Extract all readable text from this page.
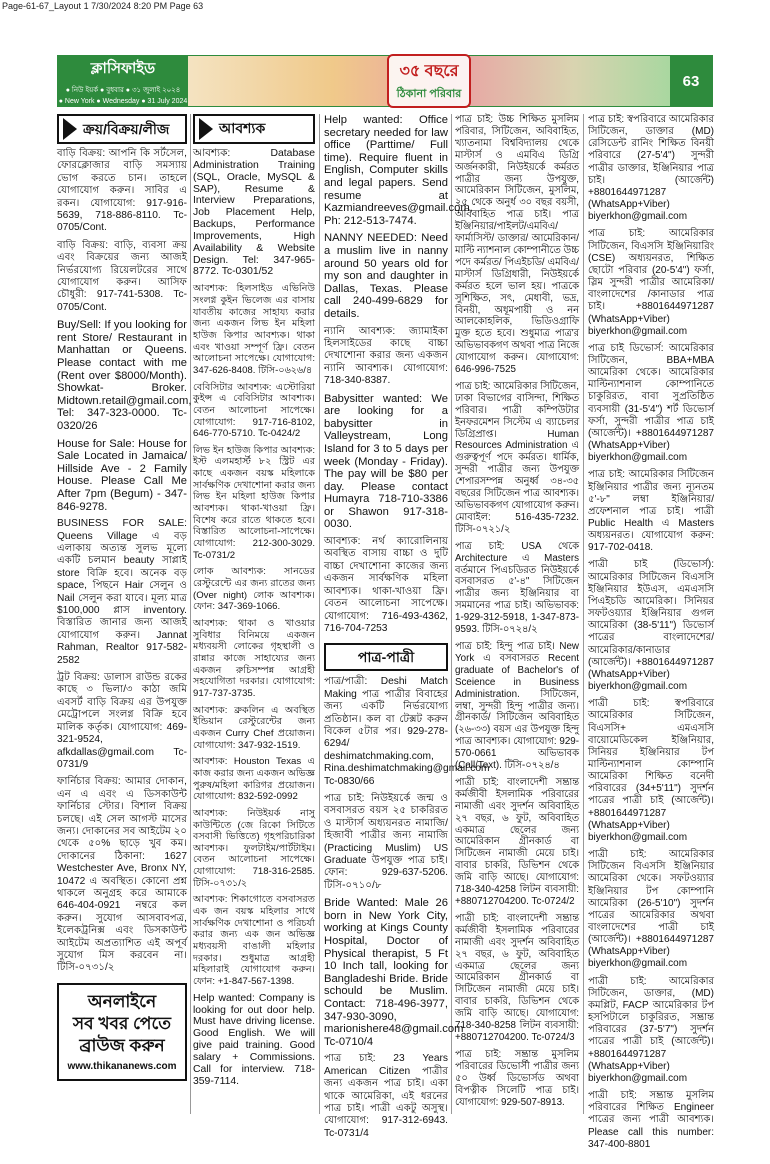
Page-61-67_Layout 1 7/30/2024 8:20 PM Page 63
ক্লাসিফাইড
● নিউ ইয়র্ক ● বুধবার ● ৩১ জুলাই ২০২৪
● New York ● Wednesday ● 31 July 2024
৩৫ বছরে
ঠিকানা পরিবার
63
ক্রয়/বিক্রয়/লীজ
বাড়ি বিক্রয়: আপনি কি সর্টসেল, ফোরক্লোজার বাড়ি সমস্যায় ভোগ করতে চান। তাহলে যোগাযোগ করুন। সাবির এ রকন। যোগাযোগ: 917-916-5639, 718-886-8110. Tc-0705/Cont.
বাড়ি বিক্রয়: বাড়ি, ব্যবসা ক্রয় এবং বিক্রয়ের জন্য আজই নির্ভরযোগ্য রিয়েলটরের সাথে যোগাযোগ করুন। আসিফ চৌধুরী: 917-741-5308. Tc-0705/Cont.
Buy/Sell: If you looking for rent Store/ Restaurant in Manhattan or Queens. Please contact with me (Rent over $8000/Month). Showkat- Broker. Midtown.retail@gmail.com, Tel: 347-323-0000. Tc-0320/26
House for Sale: House for Sale Located in Jamaica/ Hillside Ave - 2 Family House. Please Call Me After 7pm (Begum) - 347-846-9278.
BUSINESS FOR SALE: Queens Village এ বড় এলাকায় অত্যন্ত সুলভ মূল্যে একটি চলমান beauty সাপ্লাই store বিক্রি হবে। অনেক বড় space, পিছনে Hair সেলুন ও Nail সেলুন করা যাবে। মূল্য মাত্র $100,000 প্লাস inventory. বিস্তারিত জানার জন্য আজই যোগাযোগ করুন। Jannat Rahman, Realtor 917-582-2582
ট্রট বিক্রয়: ডালাস রাউন্ড রকের কাছে ৩ ভিলা/৩ কাঠা জমি এবসর্ট বাড়ি বিক্রয় এর উপযুক্ত মেট্রোপলে সংলগ্ন বিক্রি হবে মালিক কর্তৃক। যোগাযোগ: 469-321-9524, afkdallas@gmail.com Tc-0731/9
ফার্নিচার বিক্রয়: আমার দোকান, এন এ এবং এ ডিসকাউন্ট ফার্নিচার স্টোর। বিশাল বিক্রয় চলছে। এই সেল আগস্ট মাসের জন্য। দোকানের সব আইটেম ২০ থেকে ৫০% ছাড়ে খুব কম। দোকানের ঠিকানা: 1627 Westchester Ave, Bronx NY, 10472 এ অবস্থিত। কোনো প্রশ্ন থাকলে অনুগ্রহ করে আমাকে 646-404-0921 নম্বরে কল করুন। সুযোগ আসবাবপত্র, ইলেকট্রনিক্স এবং ডিসকাউন্ট আইটেম অপ্রত্যাশিত এই অপূর্ব সুযোগ মিস করবেন না। টিসি-০৭৩১/২
অনলাইনে
সব খবর পেতে
ব্রাউজ করুন
www.thikananews.com
আবশ্যক
আবশ্যক: Database Administration Training (SQL, Oracle, MySQL & SAP), Resume & Interview Preparations, Job Placement Help, Backups, Performance Improvements, High Availability & Website Design. Tel: 347-965-8772. Tc-0301/52
আবশ্যক: হিলসাইড এভিনিউ সংলগ্ন কুইন ভিলেজ এর বাসায় যাবতীয় কাজের সাহায্য করার জন্য একজন লিভ ইন মহিলা হাউজ কিপার আবশ্যক। থাকা এবং খাওয়া সম্পূর্ণ ফ্রি। বেতন আলোচনা সাপেক্ষে। যোগাযোগ: 347-626-8408. টিসি-০৬২৬/৪
বেবিসিটার আবশ্যক: এস্টোরিয়া কুইন্স এ বেবিসিটার আবশ্যক। বেতন আলোচনা সাপেক্ষে। যোগাযোগ: 917-716-8102, 646-770-5710. Tc-0424/2
লিভ ইন হাউজ কিপার আবশ্যক: ইস্ট এলমহার্স্ট ৮২ স্ট্রিট এর কাছে একজন বয়স্ক মহিলাকে সার্বক্ষণিক দেখাশোনা করার জন্য লিভ ইন মহিলা হাউজ কিপার আবশ্যক। থাকা-খাওয়া ফ্রি। বিশেষ করে রাতে থাকতে হবে। বিস্তারিত আলোচনা-সাপেক্ষে। যোগাযোগ: 212-300-3029. Tc-0731/2
লোক আবশ্যক: সানডের রেস্টুরেন্টে এর জন্য রাতের জন্য (Over night) লোক আবশ্যক। ফোন: 347-369-1066.
আবশ্যক: থাকা ও খাওয়ার সুবিধার বিনিময়ে একজন মধ্যবয়সী লোকের গৃহস্থালী ও রান্নার কাজে সাহায্যের জন্য একজন রুচিসম্পন্ন আগ্রহী সহযোগিতা দরকার। যোগাযোগ: 917-737-3735.
আবশ্যক: ব্রুকলিন এ অবস্থিত ইন্ডিয়ান রেস্টুরেন্টের জন্য একজন Curry Chef প্রয়োজন। যোগাযোগ: 347-932-1519.
আবশ্যক: Houston Texas এ কাজ করার জন্য একজন অভিজ্ঞ পুরুষ/মহিলা কারিগর প্রয়োজন। যোগাযোগ: 832-592-0992
আবশ্যক: নিউইয়র্ক নাসু কাউন্টিতে (জে রিকো সিটিতে বসবাসী ভিত্তিতে) গৃহপরিচারিকা আবশ্যক। ফুলটাইম/পার্টটাইম। বেতন আলোচনা সাপেক্ষে। যোগাযোগ: 718-316-2585. টিসি-০৭৩১/২
আবশ্যক: শিকাগোতে বসবাসরত এক জন বয়স্ক মহিলার সাথে সার্বক্ষণিক দেখাশোনা ও পরিচর্যা করার জন্য এক জন অভিজ্ঞ মধ্যবয়সী বাঙালী মহিলার দরকার। শুধুমাত্র আগ্রহী মহিলারাই যোগাযোগ করুন। ফোন: +1-847-567-1398.
Help wanted: Company is looking for out door help. Must have driving license. Good English. We will give paid training. Good salary + Commissions. Call for interview. 718-359-7114.
Help wanted: Office secretary needed for law office (Parttime/ Full time). Require fluent in English, Computer skills and legal papers. Send resume at Kazmiandreeves@gmail.com, Ph: 212-513-7474.
NANNY NEEDED: Need a muslim live in nanny around 50 years old for my son and daughter in Dallas, Texas. Please call 240-499-6829 for details.
ন্যানি আবশ্যক: জ্যামাইকা হিলসাইডের কাছে বাচ্চা দেখাশোনা করার জন্য একজন ন্যানি আবশ্যক। যোগাযোগ: 718-340-8387.
Babysitter wanted: We are looking for a babysitter in Valleystream, Long Island for 3 to 5 days per week (Monday - Friday). The pay will be $80 per day. Please contact Humayra 718-710-3386 or Shawon 917-318-0030.
আবশ্যক: নর্থ ক্যারোলিনায় অবস্থিত বাসায় বাচ্চা ও দুটি বাচ্চা দেখাশোনা কাজের জন্য একজন সার্বক্ষণিক মহিলা আবশ্যক। থাকা-খাওয়া ফ্রি। বেতন আলোচনা সাপেক্ষে। যোগাযোগ: 716-493-4362, 716-704-7253
পাত্র-পাত্রী
পাত্র/পাত্রী: Deshi Match Making পাত্র পাত্রীর বিবাহের জন্য একটি নির্ভরযোগ্য প্রতিষ্ঠান। কল বা টেক্সট করুন বিকেল ৫টার পর। 929-278-6294/ deshimatchmaking.com, Rina.deshimatchmaking@gmail.com Tc-0830/66
পাত্র চাই: নিউইয়র্কে জন্ম ও বসবাসরত বয়স ২৫ চাকরিরত ও মাস্টার্স অধ্যয়নরত নামাজি/ হিজাবী পাত্রীর জন্য নামাজি (Practicing Muslim) US Graduate উপযুক্ত পাত্র চাই। ফোন: 929-637-5206. টিসি-০৭১০/৮
Bride Wanted: Male 26 born in New York City, working at Kings County Hospital, Doctor of Physical therapist, 5 Ft 10 Inch tall, looking for Bangladeshi Bride. Bride schould be Muslim. Contact: 718-496-3977, 347-930-3090, marionishere48@gmail.com Tc-0710/4
পাত্র চাই: 23 Years American Citizen পাত্রীর জন্য একজন পাত্র চাই। একা থাকে আমেরিকা, এই ধরনের পাত্র চাই। পাত্রী একটু অসুস্থ। যোগাযোগ: 917-312-6943. Tc-0731/4
পাত্র চাই: উচ্চ শিক্ষিত মুসলিম পরিবার, সিটিজেন, অবিবাহিত, খ্যাতনামা বিশ্ববিদ্যালয় থেকে মাস্টার্স ও এমবিএ ডিগ্রি অর্জনকারী, নিউইয়র্কে কর্মরত পাত্রীর জন্য উপযুক্ত, আমেরিকান সিটিজেন, মুসলিম, ২৫ থেকে অনুর্ধ ৩০ বছর বয়সী, অবিবাহিত পাত্র চাই। পাত্র ইঞ্জিনিয়ার/পাইলট/এমবিএ/ ফার্মাসিস্ট/ ডাক্তার/ আমেরিকান/ মাল্টি ন্যাশনাল কোম্পানীতে উচ্চ পদে কর্মরত/ পিএইচডি/ এমবিএ/ মাস্টার্স ডিগ্রিধারী, নিউইয়র্কে কর্মরত হলে ভাল হয়। পাত্রকে সুশিক্ষিত, সৎ, মেধাবী, ভদ্র, বিনয়ী, অধূমপায়ী ও নন আলকোহলিক, ভিডিওগ্রাফি মুক্ত হতে হবে। শুধুমাত্র পাত্র'র অভিভাবকগণ অথবা পাত্র নিজে যোগাযোগ করুন। যোগাযোগ: 646-996-7525
পাত্র চাই: আমেরিকার সিটিজেন, ঢাকা বিভাগের বাসিন্দা, শিক্ষিত পরিবার। পাত্রী কম্পিউটার ইনফরমেশন সিস্টেম এ ব্যাচেলর ডিগ্রিপ্রাপ্ত। Human Resources Administration এ গুরুত্বপূর্ণ পদে কর্মরত। ধার্মিক, সুন্দরী পাত্রীর জন্য উপযুক্ত শেপারসম্পন্ন অনুর্ধ্ব ৩৪-৩৫ বছরের সিটিজেন পাত্র আবশ্যক। অভিভাবকগণ যোগাযোগ করুন। মোবাইল: 516-435-7232. টিসি-০৭২১/২
পাত্র চাই: USA থেকে Architecture এ Masters বর্তমানে পিএচডিরত নিউইয়র্কে বসবাসরত ৫'-৪" সিটিজেন পাত্রীর জন্য ইঞ্জিনিয়ার বা সমমানের পাত্র চাই। অভিভাবক: 1-929-312-5918, 1-347-873-9593. টিসি-০৭২৪/২
পাত্র চাই: হিন্দু পাত্র চাই। New York এ বসবাসরত Recent graduate of Bachelor's of Sceience in Business Administration. সিটিজেন, লম্বা, সুন্দরী হিন্দু পাত্রীর জন্য। গ্রীনকার্ড/ সিটিজেন অবিবাহিত (২৬-৩৩) বয়স এর উপযুক্ত হিন্দু পাত্র আবশ্যক। যোগাযোগ: 929-570-0661 অভিভাবক (Call/Text). টিসি-০৭২৪/৪
পাত্রী চাই: বাংলাদেশী সম্ভ্রান্ত কর্মজীবী ইসলামিক পরিবারের নামাজী এবং সুদর্শন অবিবাহিত ২৭ বছর, ৬ ফুট, অবিবাহিত একমাত্র ছেলের জন্য আমেরিকান গ্রীনকার্ড বা সিটিজেন নামাজী মেয়ে চাই। বাবার চাকরি, ডিভিশন থেকে জমি বাড়ি আছে। যোগাযোগ: 718-340-4258 লিটন ব্যবসায়ী: +880712704200. Tc-0724/2
পাত্রী চাই: বাংলাদেশী সম্ভ্রান্ত কর্মজীবী ইসলামিক পরিবারের নামাজী এবং সুদর্শন অবিবাহিত ২৭ বছর, ৬ ফুট, অবিবাহিত একমাত্র ছেলের জন্য আমেরিকান গ্রীনকার্ড বা সিটিজেন নামাজী মেয়ে চাই। বাবার চাকরি, ডিভিশন থেকে জমি বাড়ি আছে। যোগাযোগ: 718-340-8258 লিটন ব্যবসায়ী: +880712704200. Tc-0724/3
পাত্র চাই: সম্ভ্রান্ত মুসলিম পরিবারের ডিভোর্সী পাত্রীর জন্য ৫০ উর্ধ্ব ডিভোর্সড অথবা বিপত্নীক সিলেটি পাত্র চাই। যোগাযোগ: 929-507-8913.
পাত্র চাই: স্বপরিবারে আমেরিকার সিটিজেন, ডাক্তার (MD) রেসিডেন্ট রানিং শিক্ষিত বিনয়ী পরিবারে (27-5'4") সুন্দরী পাত্রীর ডাক্তার, ইঞ্জিনিয়ার পাত্র চাই। (আর্জেন্ট) +8801644971287 (WhatsApp+Viber) biyerkhon@gmail.com
পাত্র চাই: আমেরিকার সিটিজেন, বিএসসি ইঞ্জিনিয়ারিং (CSE) অধ্যয়নরত, শিক্ষিত ছোটো পরিবার (20-5'4") ফর্সা, স্লিম সুন্দরী পাত্রীর আমেরিকা/বাংলাদেশের /কানাডার পাত্র চাই। +8801644971287 (WhatsApp+Viber) biyerkhon@gmail.com
পাত্র চাই ডিভোর্স: আমেরিকার সিটিজেন, BBA+MBA আমেরিকা থেকে। আমেরিকার মাল্টিন্যাশনাল কোম্পানিতে চাকুরিরত, বাবা সুপ্রতিষ্ঠিত ব্যবসায়ী (31-5'4") শর্ট ডিভোর্স ফর্সা, সুন্দরী পাত্রীর পাত্র চাই (আর্জেন্ট)। +8801644971287 (WhatsApp+Viber) biyerkhon@gmail.com
পাত্র চাই: আমেরিকার সিটিজেন ইঞ্জিনিয়ার পাত্রীর জন্য ন্যূনতম ৫'-৮" লম্বা ইঞ্জিনিয়ার/ প্রফেশনাল পাত্র চাই। পাত্রী Public Health এ Masters অধ্যয়নরত। যোগাযোগ করুন: 917-702-0418.
পাত্রী চাই (ডিভোর্স): আমেরিকার সিটিজেন বিএসসি ইঞ্জিনিয়ার ইউএস, এমএসসি পিএইচডি আমেরিকা। সিনিয়র সফটওয়্যার ইঞ্জিনিয়ার গুগল আমেরিকা (38-5'11") ডিভোর্স পাত্রের বাংলাদেশের/আমেরিকার/কানাডার (আর্জেন্ট)। +8801644971287 (WhatsApp+Viber) biyerkhon@gmail.com
পাত্রী চাই: স্বপরিবারে আমেরিকার সিটিজেন, বিএসসি+ এমএসসি বায়োমেডিকেল ইঞ্জিনিয়ার, সিনিয়র ইঞ্জিনিয়ার টপ মাল্টিন্যাশনাল কোম্পানি আমেরিকা শিক্ষিত বনেদী পরিবারের (34+5'11") সুদর্শন পাত্রের পাত্রী চাই (আর্জেন্ট)। +8801644971287 (WhatsApp+Viber) biyerkhon@gmail.com
পাত্রী চাই: আমেরিকার সিটিজেন বিএসসি ইঞ্জিনিয়ার আমেরিকা থেকে। সফটওয়্যার ইঞ্জিনিয়ার টপ কোম্পানি আমেরিকা (26-5'10") সুদর্শন পাত্রের আমেরিকার অথবা বাংলাদেশের পাত্রী চাই (আর্জেন্ট)। +8801644971287 (WhatsApp+Viber) biyerkhon@gmail.com
পাত্রী চাই: আমেরিকার সিটিজেন, ডাক্তার, (MD) কমপ্লিট, FACP আমেরিকার টপ হসপিটালে চাকুরিরত, সম্ভ্রান্ত পরিবারের (37-5'7") সুদর্শন পাত্রের পাত্রী চাই (আর্জেন্ট)। +8801644971287 (WhatsApp+Viber) biyerkhon@gmail.com
পাত্রী চাই: সম্ভ্রান্ত মুসলিম পরিবারের শিক্ষিত Engineer পাত্রের জন্য পাত্রী আবশ্যক। Please call this number: 347-400-8801
